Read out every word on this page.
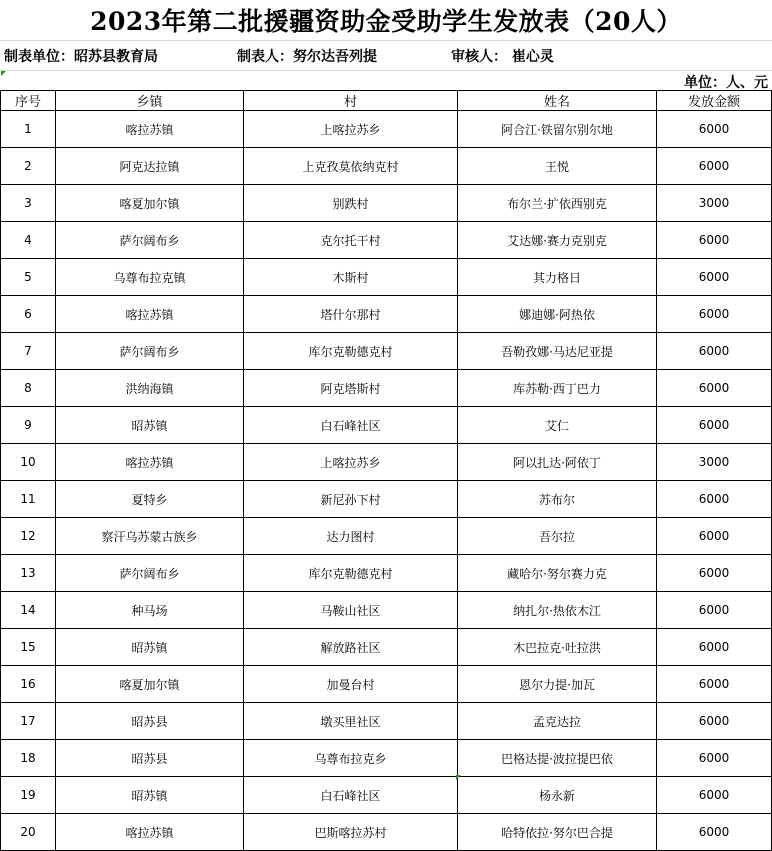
2023年第二批援疆资助金受助学生发放表（20人）
制表单位：昭苏县教育局	制表人：努尔达吾列提	审核人： 崔心灵
单位：人、元
序号	乡镇	村	姓名	发放金额
1	喀拉苏镇	上喀拉苏乡	阿合江·铁留尔别尔地	6000
2	阿克达拉镇	上克孜莫依纳克村	王悦	6000
3	喀夏加尔镇	别跌村	布尔兰·扩依西别克	3000
4	萨尔阔布乡	克尔托干村	艾达娜·赛力克别克	6000
5	乌尊布拉克镇	木斯村	其力格日	6000
6	喀拉苏镇	塔什尔那村	娜迪娜·阿热依	6000
7	萨尔阔布乡	库尔克勒德克村	吾勒孜娜·马达尼亚提	6000
8	洪纳海镇	阿克塔斯村	库苏勒·西丁巴力	6000
9	昭苏镇	白石峰社区	艾仁	6000
10	喀拉苏镇	上喀拉苏乡	阿以扎达·阿依丁	3000
11	夏特乡	新尼孙下村	苏布尔	6000
12	察汗乌苏蒙古族乡	达力图村	吾尔拉	6000
13	萨尔阔布乡	库尔克勒德克村	藏哈尔·努尔赛力克	6000
14	种马场	马鞍山社区	纳扎尔·热依木江	6000
15	昭苏镇	解放路社区	木巴拉克·吐拉洪	6000
16	喀夏加尔镇	加曼台村	恩尔力提·加瓦	6000
17	昭苏县	墩买里社区	孟克达拉	6000
18	昭苏县	乌尊布拉克乡	巴格达提·波拉提巴依	6000
19	昭苏镇	白石峰社区	杨永新	6000
20	喀拉苏镇	巴斯喀拉苏村	哈特依拉·努尔巴合提	6000
